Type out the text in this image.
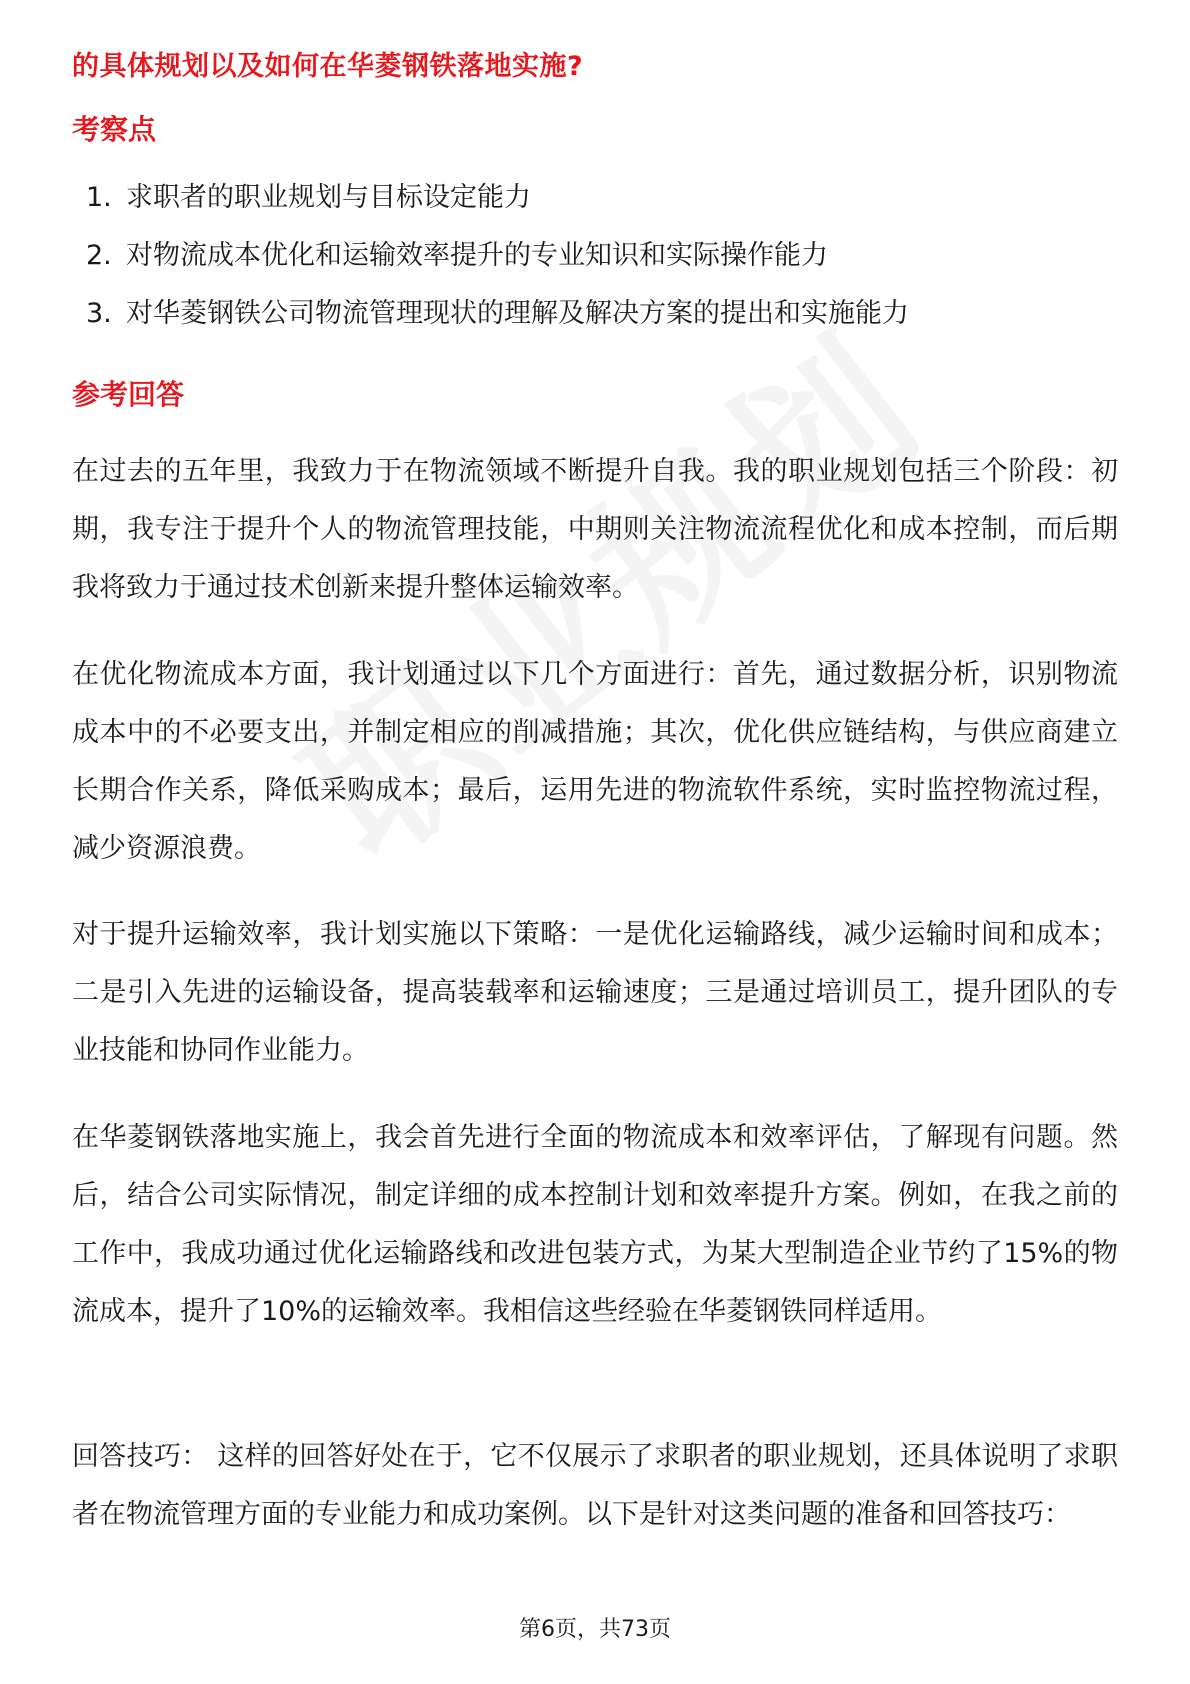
的具体规划以及如何在华菱钢铁落地实施?
考察点
1. 求职者的职业规划与目标设定能力
2. 对物流成本优化和运输效率提升的专业知识和实际操作能力
3. 对华菱钢铁公司物流管理现状的理解及解决方案的提出和实施能力
参考回答

在过去的五年里，我致力于在物流领域不断提升自我。我的职业规划包括三个阶段：初期，我专注于提升个人的物流管理技能，中期则关注物流流程优化和成本控制，而后期我将致力于通过技术创新来提升整体运输效率。

在优化物流成本方面，我计划通过以下几个方面进行：首先，通过数据分析，识别物流成本中的不必要支出，并制定相应的削减措施；其次，优化供应链结构，与供应商建立长期合作关系，降低采购成本；最后，运用先进的物流软件系统，实时监控物流过程，减少资源浪费。

对于提升运输效率，我计划实施以下策略：一是优化运输路线，减少运输时间和成本；二是引入先进的运输设备，提高装载率和运输速度；三是通过培训员工，提升团队的专业技能和协同作业能力。

在华菱钢铁落地实施上，我会首先进行全面的物流成本和效率评估，了解现有问题。然后，结合公司实际情况，制定详细的成本控制计划和效率提升方案。例如，在我之前的工作中，我成功通过优化运输路线和改进包装方式，为某大型制造企业节约了15%的物流成本，提升了10%的运输效率。我相信这些经验在华菱钢铁同样适用。

回答技巧： 这样的回答好处在于，它不仅展示了求职者的职业规划，还具体说明了求职者在物流管理方面的专业能力和成功案例。以下是针对这类问题的准备和回答技巧：

第6页，共73页
